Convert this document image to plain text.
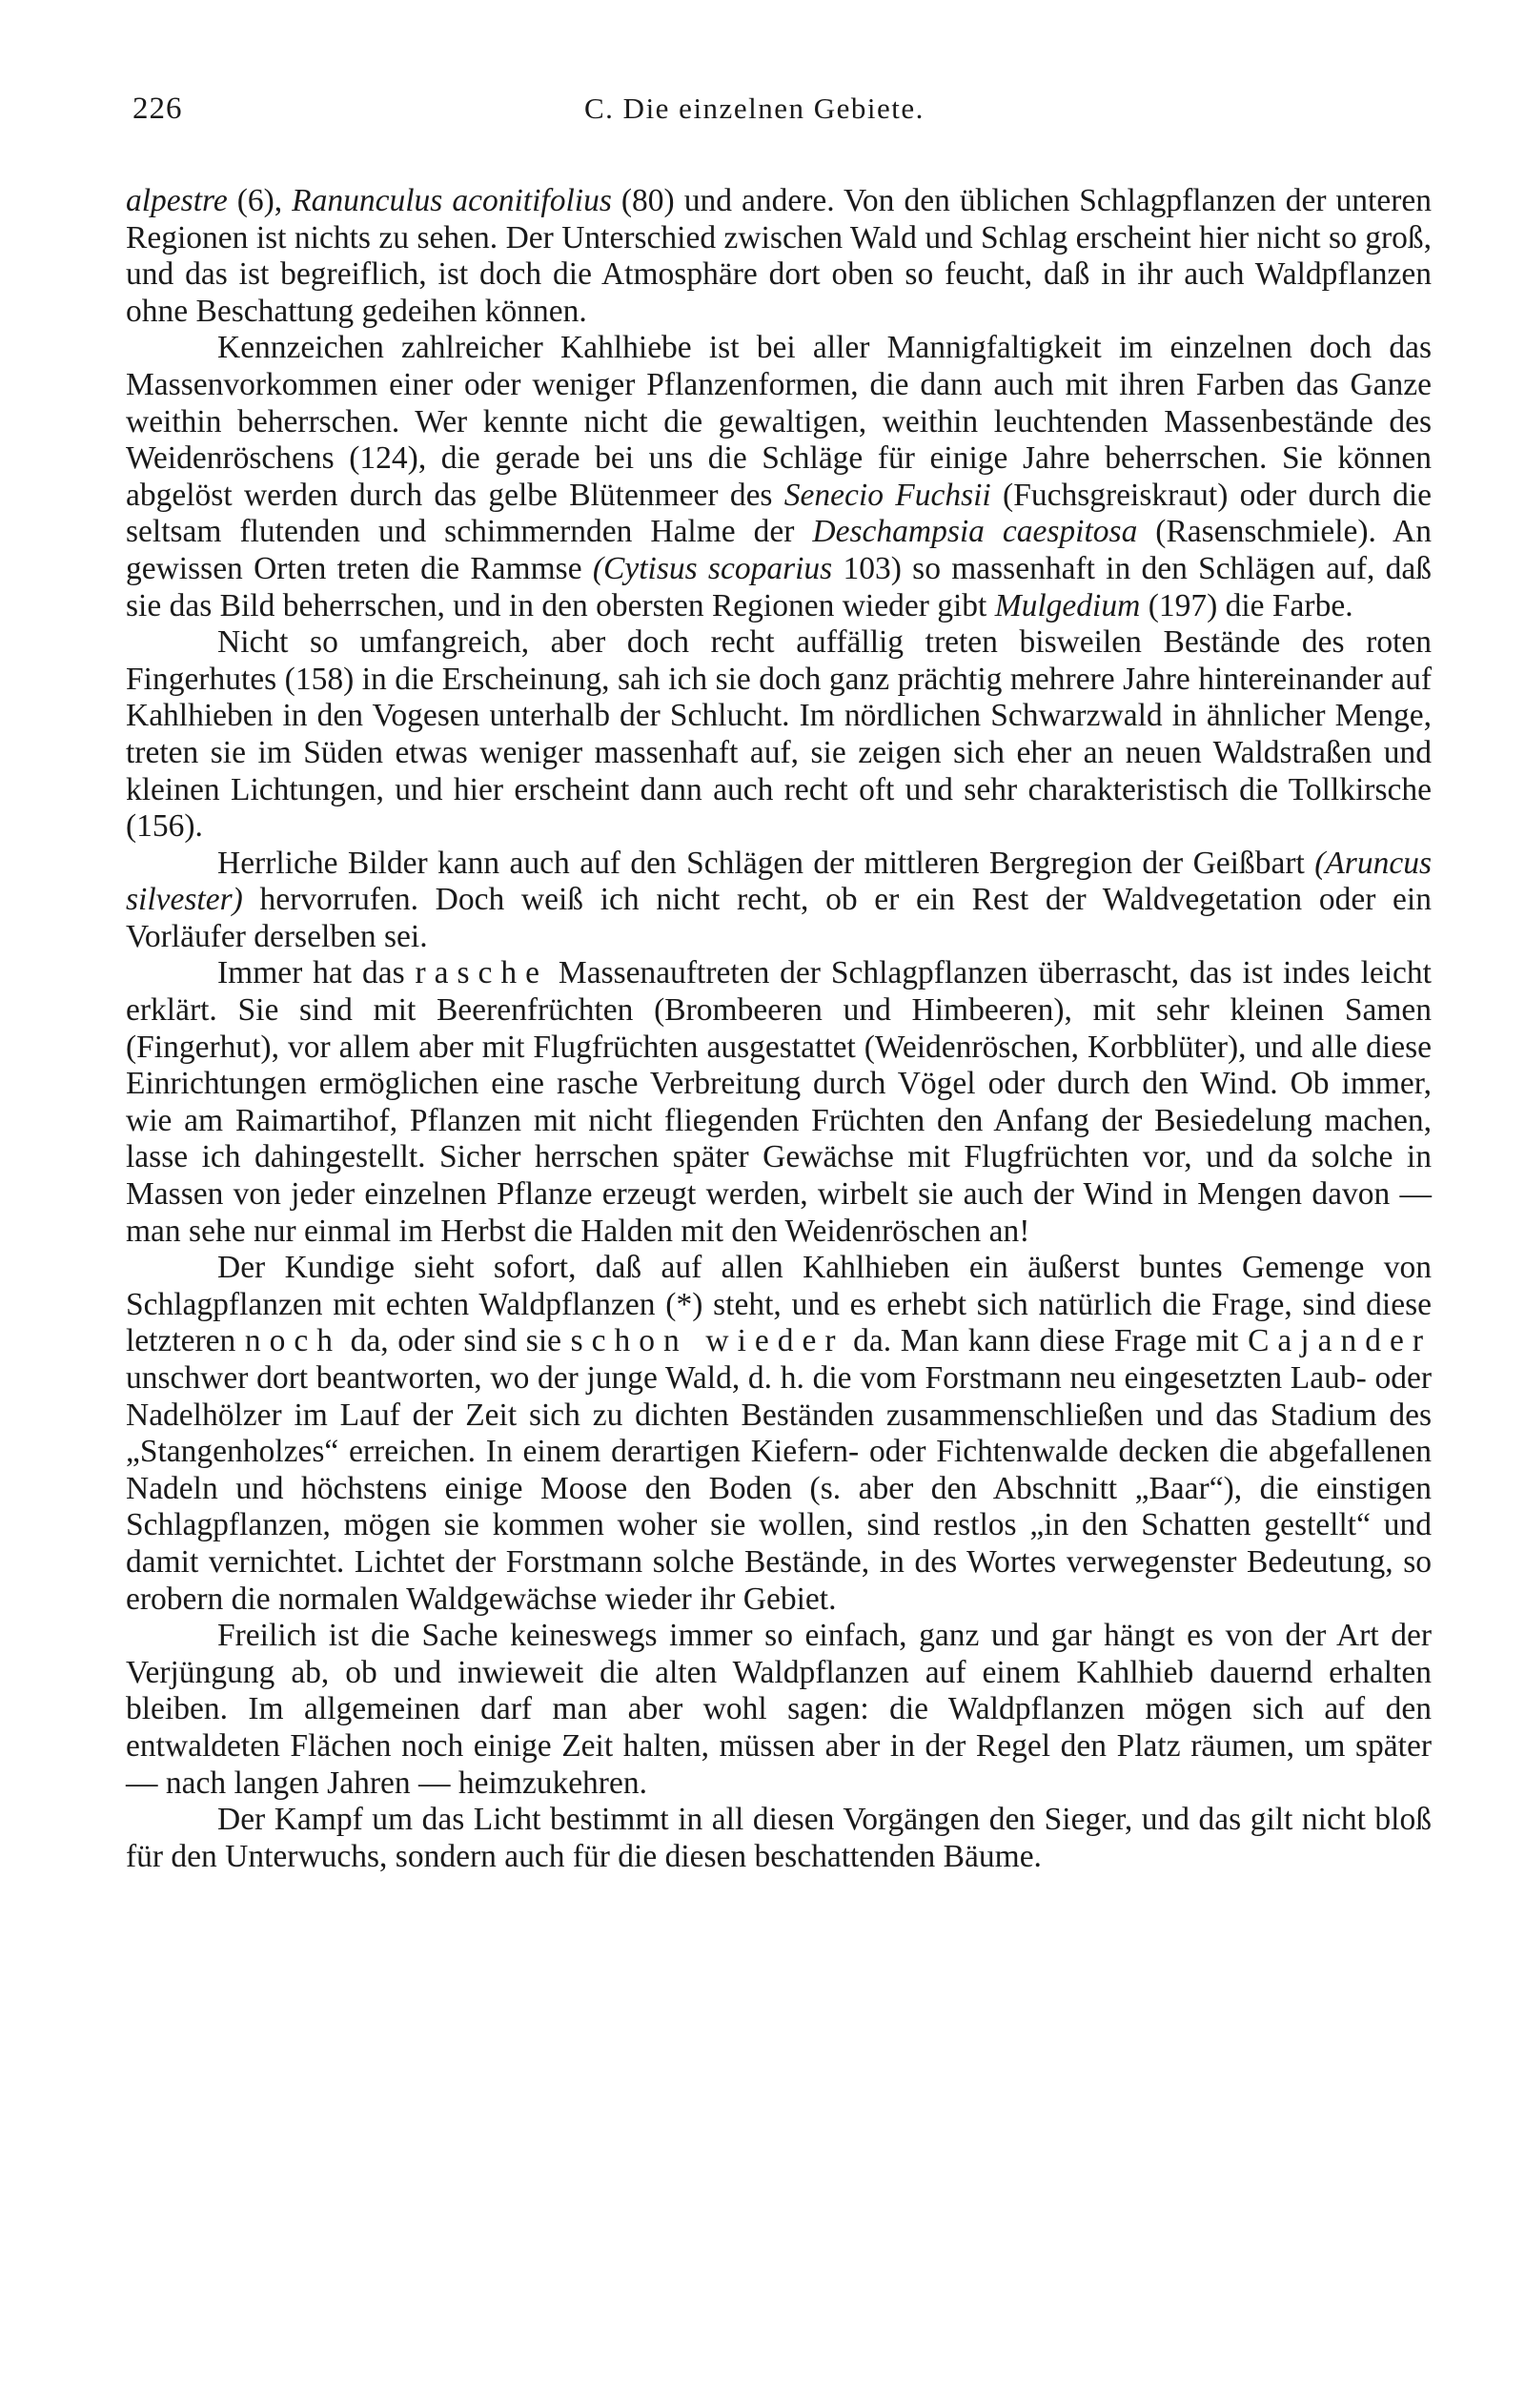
226	C. Die einzelnen Gebiete.

alpestre (6), Ranunculus aconitifolius (80) und andere. Von den üblichen Schlagpflanzen der unteren Regionen ist nichts zu sehen. Der Unterschied zwischen Wald und Schlag erscheint hier nicht so groß, und das ist begreiflich, ist doch die Atmosphäre dort oben so feucht, daß in ihr auch Waldpflanzen ohne Beschattung gedeihen können.

Kennzeichen zahlreicher Kahlhiebe ist bei aller Mannigfaltigkeit im einzelnen doch das Massenvorkommen einer oder weniger Pflanzenformen, die dann auch mit ihren Farben das Ganze weithin beherrschen. Wer kennte nicht die gewaltigen, weithin leuchtenden Massenbestände des Weidenröschens (124), die gerade bei uns die Schläge für einige Jahre beherrschen. Sie können abgelöst werden durch das gelbe Blütenmeer des Senecio Fuchsii (Fuchsgreiskraut) oder durch die seltsam flutenden und schimmernden Halme der Deschampsia caespitosa (Rasenschmiele). An gewissen Orten treten die Rammse (Cytisus scoparius 103) so massenhaft in den Schlägen auf, daß sie das Bild beherrschen, und in den obersten Regionen wieder gibt Mulgedium (197) die Farbe.

Nicht so umfangreich, aber doch recht auffällig treten bisweilen Bestände des roten Fingerhutes (158) in die Erscheinung, sah ich sie doch ganz prächtig mehrere Jahre hintereinander auf Kahlhieben in den Vogesen unterhalb der Schlucht. Im nördlichen Schwarzwald in ähnlicher Menge, treten sie im Süden etwas weniger massenhaft auf, sie zeigen sich eher an neuen Waldstraßen und kleinen Lichtungen, und hier erscheint dann auch recht oft und sehr charakteristisch die Tollkirsche (156).

Herrliche Bilder kann auch auf den Schlägen der mittleren Bergregion der Geißbart (Aruncus silvester) hervorrufen. Doch weiß ich nicht recht, ob er ein Rest der Waldvegetation oder ein Vorläufer derselben sei.

Immer hat das rasche Massenauftreten der Schlagpflanzen überrascht, das ist indes leicht erklärt. Sie sind mit Beerenfrüchten (Brombeeren und Himbeeren), mit sehr kleinen Samen (Fingerhut), vor allem aber mit Flugfrüchten ausgestattet (Weidenröschen, Korbblüter), und alle diese Einrichtungen ermöglichen eine rasche Verbreitung durch Vögel oder durch den Wind. Ob immer, wie am Raimartihof, Pflanzen mit nicht fliegenden Früchten den Anfang der Besiedelung machen, lasse ich dahingestellt. Sicher herrschen später Gewächse mit Flugfrüchten vor, und da solche in Massen von jeder einzelnen Pflanze erzeugt werden, wirbelt sie auch der Wind in Mengen davon — man sehe nur einmal im Herbst die Halden mit den Weidenröschen an!

Der Kundige sieht sofort, daß auf allen Kahlhieben ein äußerst buntes Gemenge von Schlagpflanzen mit echten Waldpflanzen (*) steht, und es erhebt sich natürlich die Frage, sind diese letzteren noch da, oder sind sie schon wieder da. Man kann diese Frage mit Cajander unschwer dort beantworten, wo der junge Wald, d. h. die vom Forstmann neu eingesetzten Laub- oder Nadelhölzer im Lauf der Zeit sich zu dichten Beständen zusammenschließen und das Stadium des „Stangenholzes“ erreichen. In einem derartigen Kiefern- oder Fichtenwalde decken die abgefallenen Nadeln und höchstens einige Moose den Boden (s. aber den Abschnitt „Baar“), die einstigen Schlagpflanzen, mögen sie kommen woher sie wollen, sind restlos „in den Schatten gestellt“ und damit vernichtet. Lichtet der Forstmann solche Bestände, in des Wortes verwegenster Bedeutung, so erobern die normalen Waldgewächse wieder ihr Gebiet.

Freilich ist die Sache keineswegs immer so einfach, ganz und gar hängt es von der Art der Verjüngung ab, ob und inwieweit die alten Waldpflanzen auf einem Kahlhieb dauernd erhalten bleiben. Im allgemeinen darf man aber wohl sagen: die Waldpflanzen mögen sich auf den entwaldeten Flächen noch einige Zeit halten, müssen aber in der Regel den Platz räumen, um später — nach langen Jahren — heimzukehren.

Der Kampf um das Licht bestimmt in all diesen Vorgängen den Sieger, und das gilt nicht bloß für den Unterwuchs, sondern auch für die diesen beschattenden Bäume.
